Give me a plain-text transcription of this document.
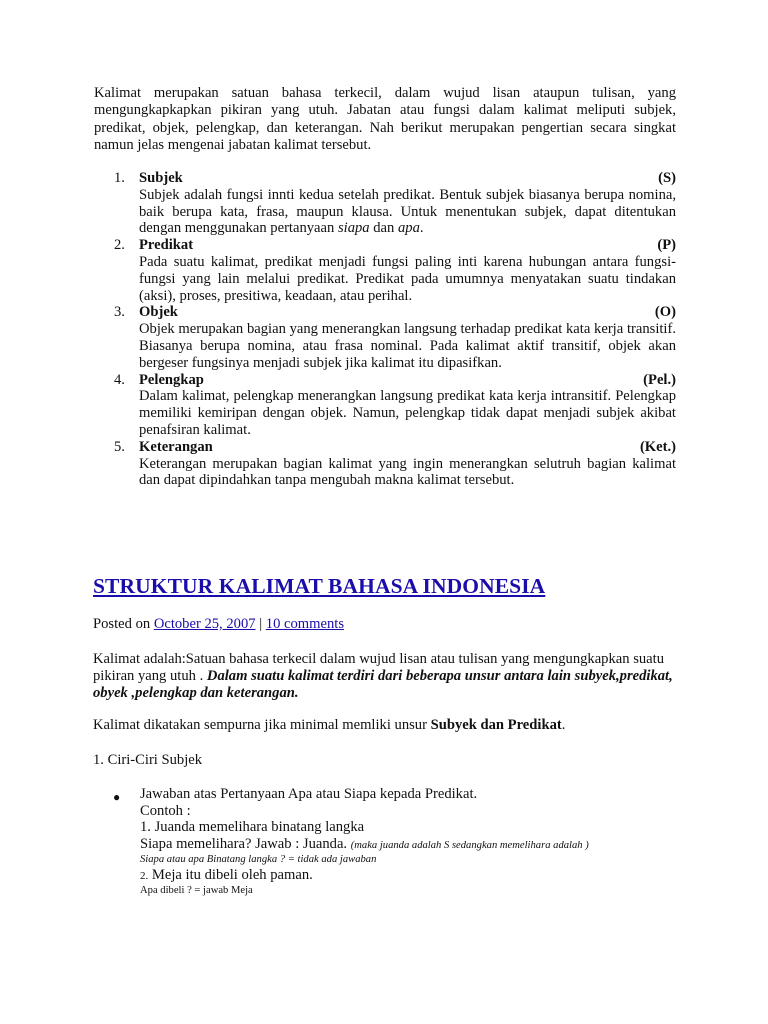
Kalimat merupakan satuan bahasa terkecil, dalam wujud lisan ataupun tulisan, yang mengungkapkapkan pikiran yang utuh. Jabatan atau fungsi dalam kalimat meliputi subjek, predikat, objek, pelengkap, dan keterangan. Nah berikut merupakan pengertian secara singkat namun jelas mengenai jabatan kalimat tersebut.

1. Subjek	(S)
Subjek adalah fungsi innti kedua setelah predikat. Bentuk subjek biasanya berupa nomina, baik berupa kata, frasa, maupun klausa. Untuk menentukan subjek, dapat ditentukan dengan menggunakan pertanyaan siapa dan apa.
2. Predikat	(P)
Pada suatu kalimat, predikat menjadi fungsi paling inti karena hubungan antara fungsi-fungsi yang lain melalui predikat. Predikat pada umumnya menyatakan suatu tindakan (aksi), proses, presitiwa, keadaan, atau perihal.
3. Objek	(O)
Objek merupakan bagian yang menerangkan langsung terhadap predikat kata kerja transitif. Biasanya berupa nomina, atau frasa nominal. Pada kalimat aktif transitif, objek akan bergeser fungsinya menjadi subjek jika kalimat itu dipasifkan.
4. Pelengkap	(Pel.)
Dalam kalimat, pelengkap menerangkan langsung predikat kata kerja intransitif. Pelengkap memiliki kemiripan dengan objek. Namun, pelengkap tidak dapat menjadi subjek akibat penafsiran kalimat.
5. Keterangan	(Ket.)
Keterangan merupakan bagian kalimat yang ingin menerangkan selutruh bagian kalimat dan dapat dipindahkan tanpa mengubah makna kalimat tersebut.
STRUKTUR KALIMAT BAHASA INDONESIA
Posted on October 25, 2007 | 10 comments

Kalimat adalah:Satuan bahasa terkecil dalam wujud lisan atau tulisan yang mengungkapkan suatu pikiran yang utuh . Dalam suatu kalimat terdiri dari beberapa unsur antara lain subyek,predikat, obyek ,pelengkap dan keterangan.

Kalimat dikatakan sempurna jika minimal memliki unsur Subyek dan Predikat.

1. Ciri-Ciri Subjek

● Jawaban atas Pertanyaan Apa atau Siapa kepada Predikat.
Contoh :
1. Juanda memelihara binatang langka
Siapa memelihara? Jawab : Juanda. (maka juanda adalah S sedangkan memelihara adalah )
Siapa atau apa Binatang langka ? = tidak ada jawaban
2. Meja itu dibeli oleh paman.
Apa dibeli ? = jawab Meja
